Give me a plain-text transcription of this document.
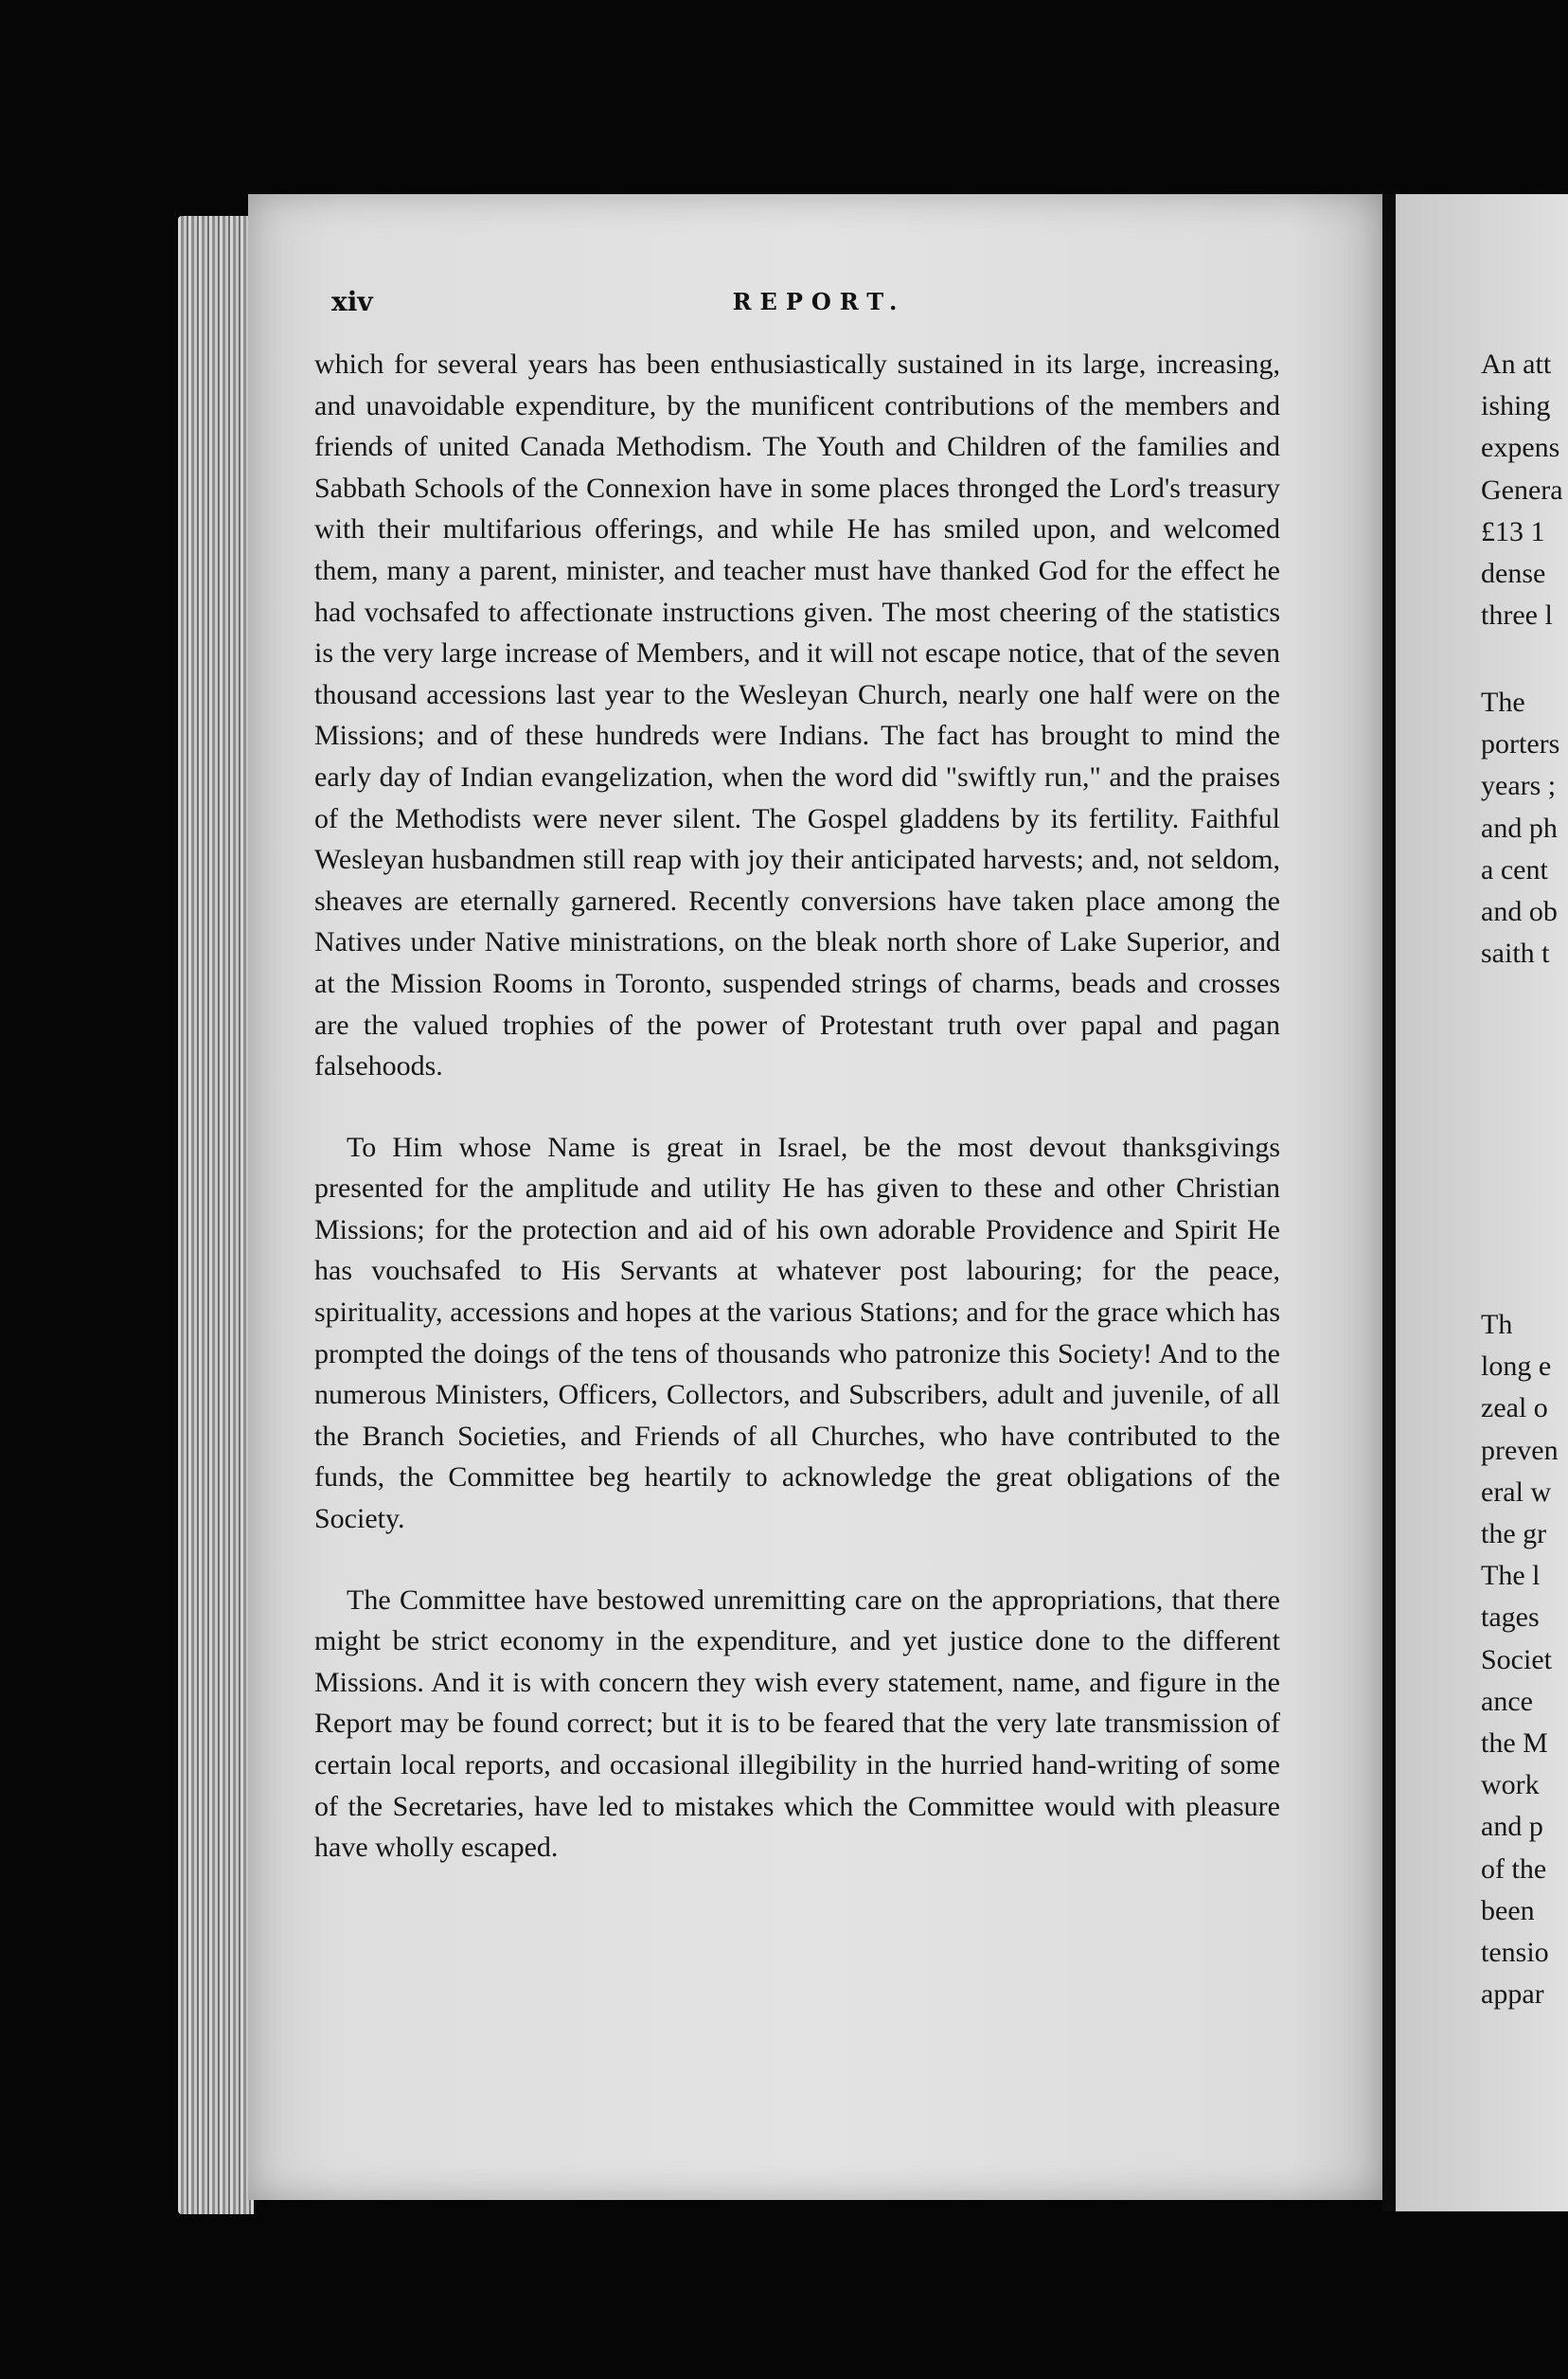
xiv	REPORT.

which for several years has been enthusiastically sustained in its large, increasing, and unavoidable expenditure, by the munificent contributions of the members and friends of united Canada Methodism. The Youth and Children of the families and Sabbath Schools of the Connexion have in some places thronged the Lord's treasury with their multifarious offerings, and while He has smiled upon, and welcomed them, many a parent, minister, and teacher must have thanked God for the effect he had vochsafed to affectionate instructions given. The most cheering of the statistics is the very large increase of Members, and it will not escape notice, that of the seven thousand accessions last year to the Wesleyan Church, nearly one half were on the Missions; and of these hundreds were Indians. The fact has brought to mind the early day of Indian evangelization, when the word did "swiftly run," and the praises of the Methodists were never silent. The Gospel gladdens by its fertility. Faithful Wesleyan husbandmen still reap with joy their anticipated harvests; and, not seldom, sheaves are eternally garnered. Recently conversions have taken place among the Natives under Native ministrations, on the bleak north shore of Lake Superior, and at the Mission Rooms in Toronto, suspended strings of charms, beads and crosses are the valued trophies of the power of Protestant truth over papal and pagan falsehoods.

To Him whose Name is great in Israel, be the most devout thanksgivings presented for the amplitude and utility He has given to these and other Christian Missions; for the protection and aid of his own adorable Providence and Spirit He has vouchsafed to His Servants at whatever post labouring; for the peace, spirituality, accessions and hopes at the various Stations; and for the grace which has prompted the doings of the tens of thousands who patronize this Society! And to the numerous Ministers, Officers, Collectors, and Subscribers, adult and juvenile, of all the Branch Societies, and Friends of all Churches, who have contributed to the funds, the Committee beg heartily to acknowledge the great obligations of the Society.

The Committee have bestowed unremitting care on the appropriations, that there might be strict economy in the expenditure, and yet justice done to the different Missions. And it is with concern they wish every statement, name, and figure in the Report may be found correct; but it is to be feared that the very late transmission of certain local reports, and occasional illegibility in the hurried hand-writing of some of the Secretaries, have led to mistakes which the Committee would with pleasure have wholly escaped.

An att
ishing
expens
Genera
£13 1
dense
three l
The
porters
years ;
and ph
a cent
and ob
saith t
Th
long e
zeal o
preven
eral w
the gr
The l
tages
Societ
ance
the M
work
and p
of the
been
tensio
appar
